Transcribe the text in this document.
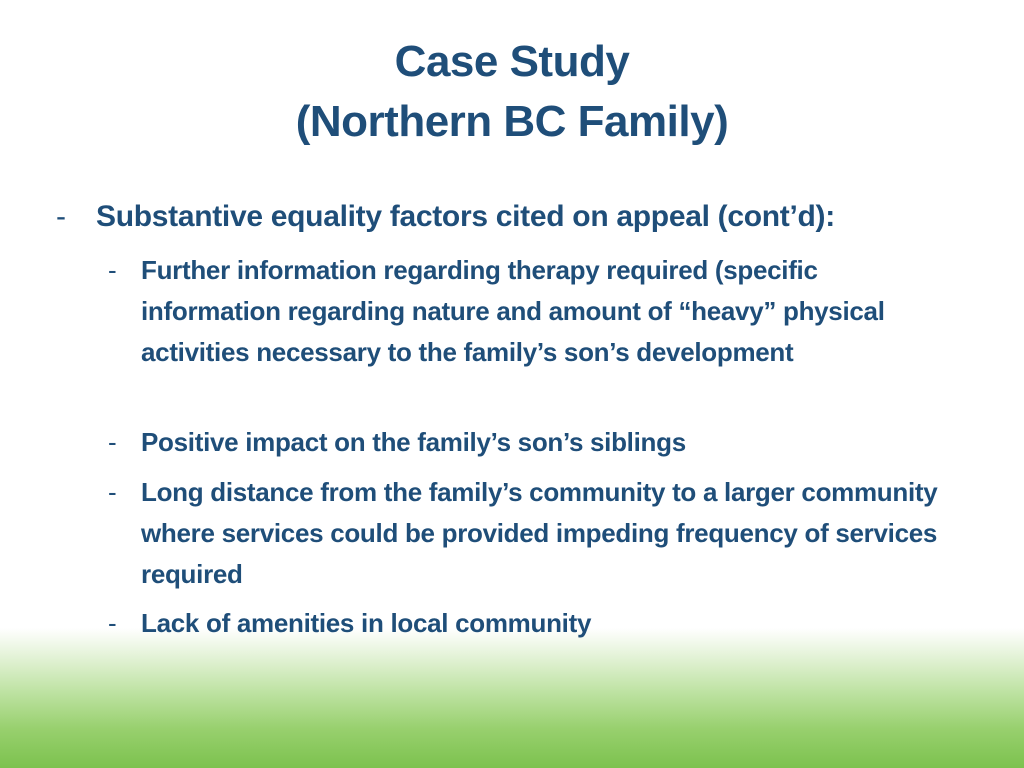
Case Study
(Northern BC Family)
- Substantive equality factors cited on appeal (cont’d):
- Further information regarding therapy required (specific information regarding nature and amount of “heavy” physical activities necessary to the family’s son’s development
- Positive impact on the family’s son’s siblings
- Long distance from the family’s community to a larger community where services could be provided impeding frequency of services required
- Lack of amenities in local community
